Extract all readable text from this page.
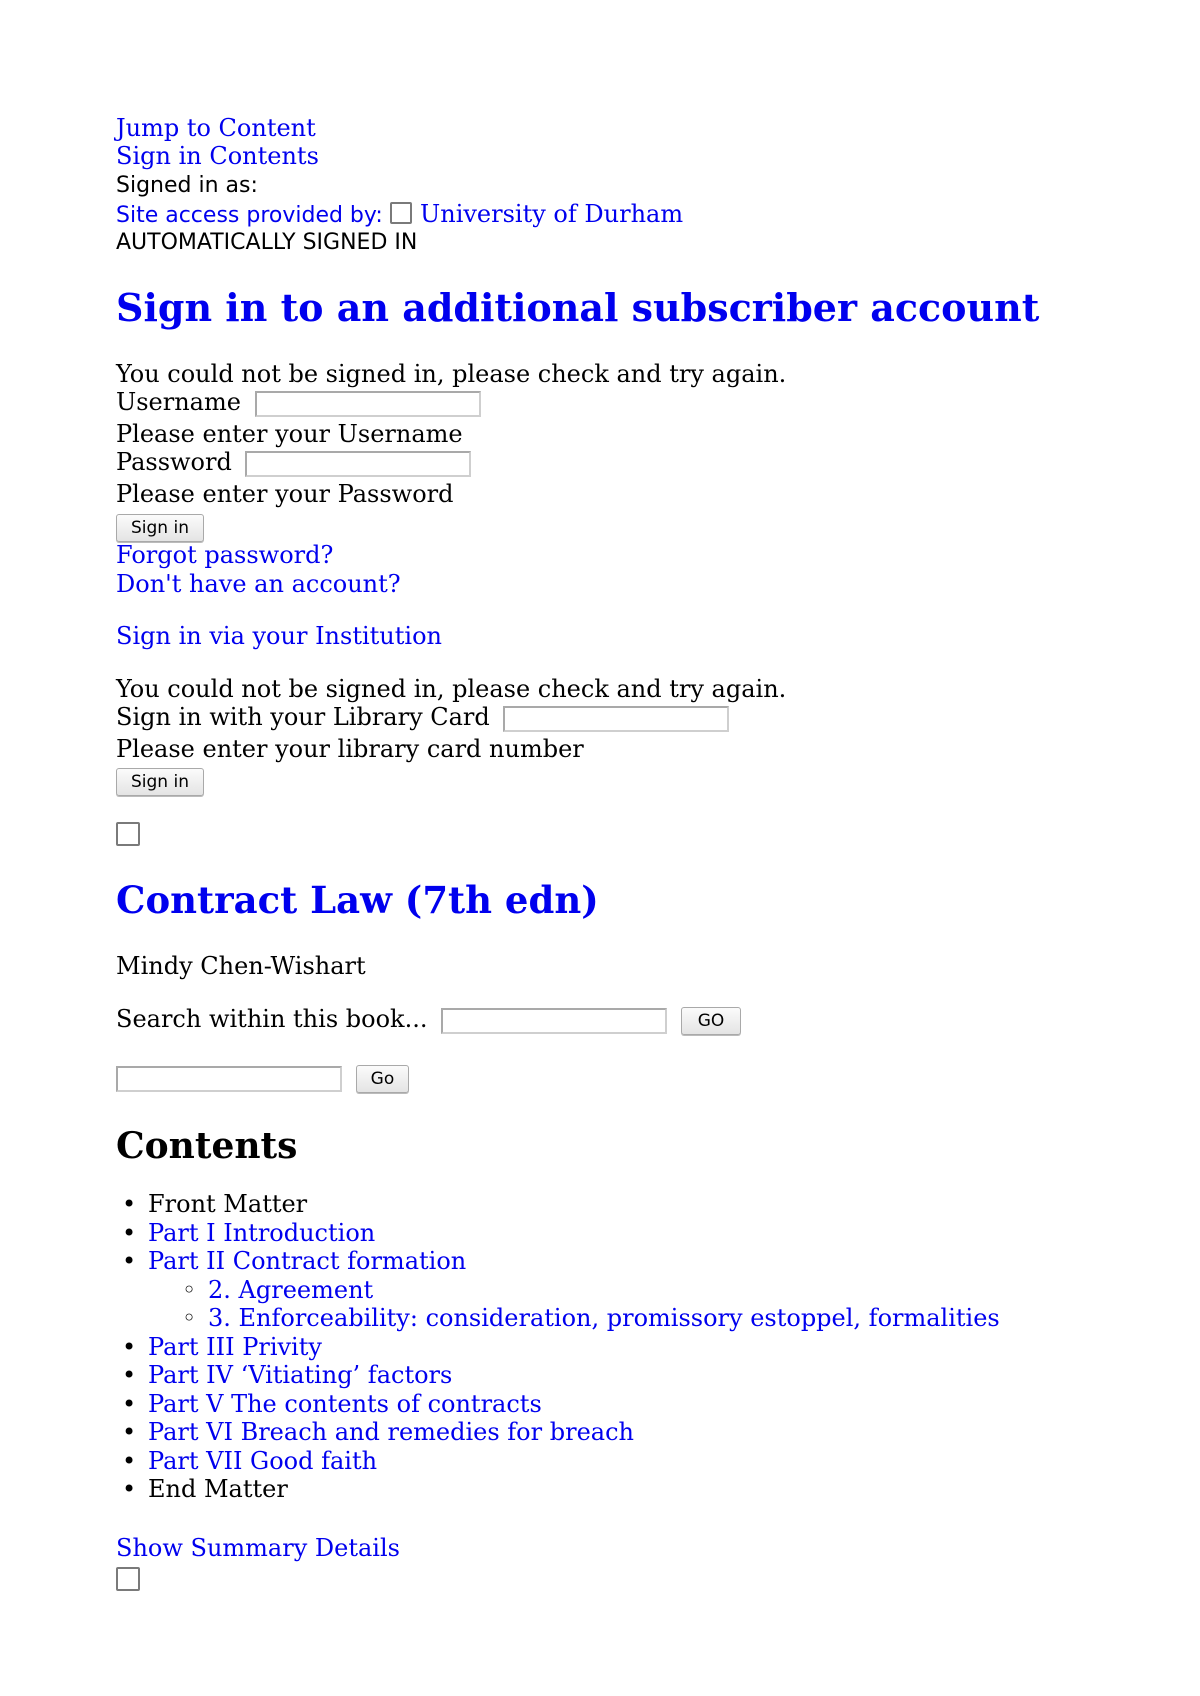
Jump to Content
Sign in Contents
Signed in as:
Site access provided by: University of Durham
AUTOMATICALLY SIGNED IN
Sign in to an additional subscriber account
You could not be signed in, please check and try again.
Username
Please enter your Username
Password
Please enter your Password
Sign in
Forgot password?
Don't have an account?
Sign in via your Institution
You could not be signed in, please check and try again.
Sign in with your Library Card
Please enter your library card number
Sign in
Contract Law (7th edn)
Mindy Chen-Wishart
Search within this book...	GO
Go
Contents
• Front Matter
• Part I Introduction
• Part II Contract formation
◦ 2. Agreement
◦ 3. Enforceability: consideration, promissory estoppel, formalities
• Part III Privity
• Part IV ‘Vitiating’ factors
• Part V The contents of contracts
• Part VI Breach and remedies for breach
• Part VII Good faith
• End Matter
Show Summary Details
